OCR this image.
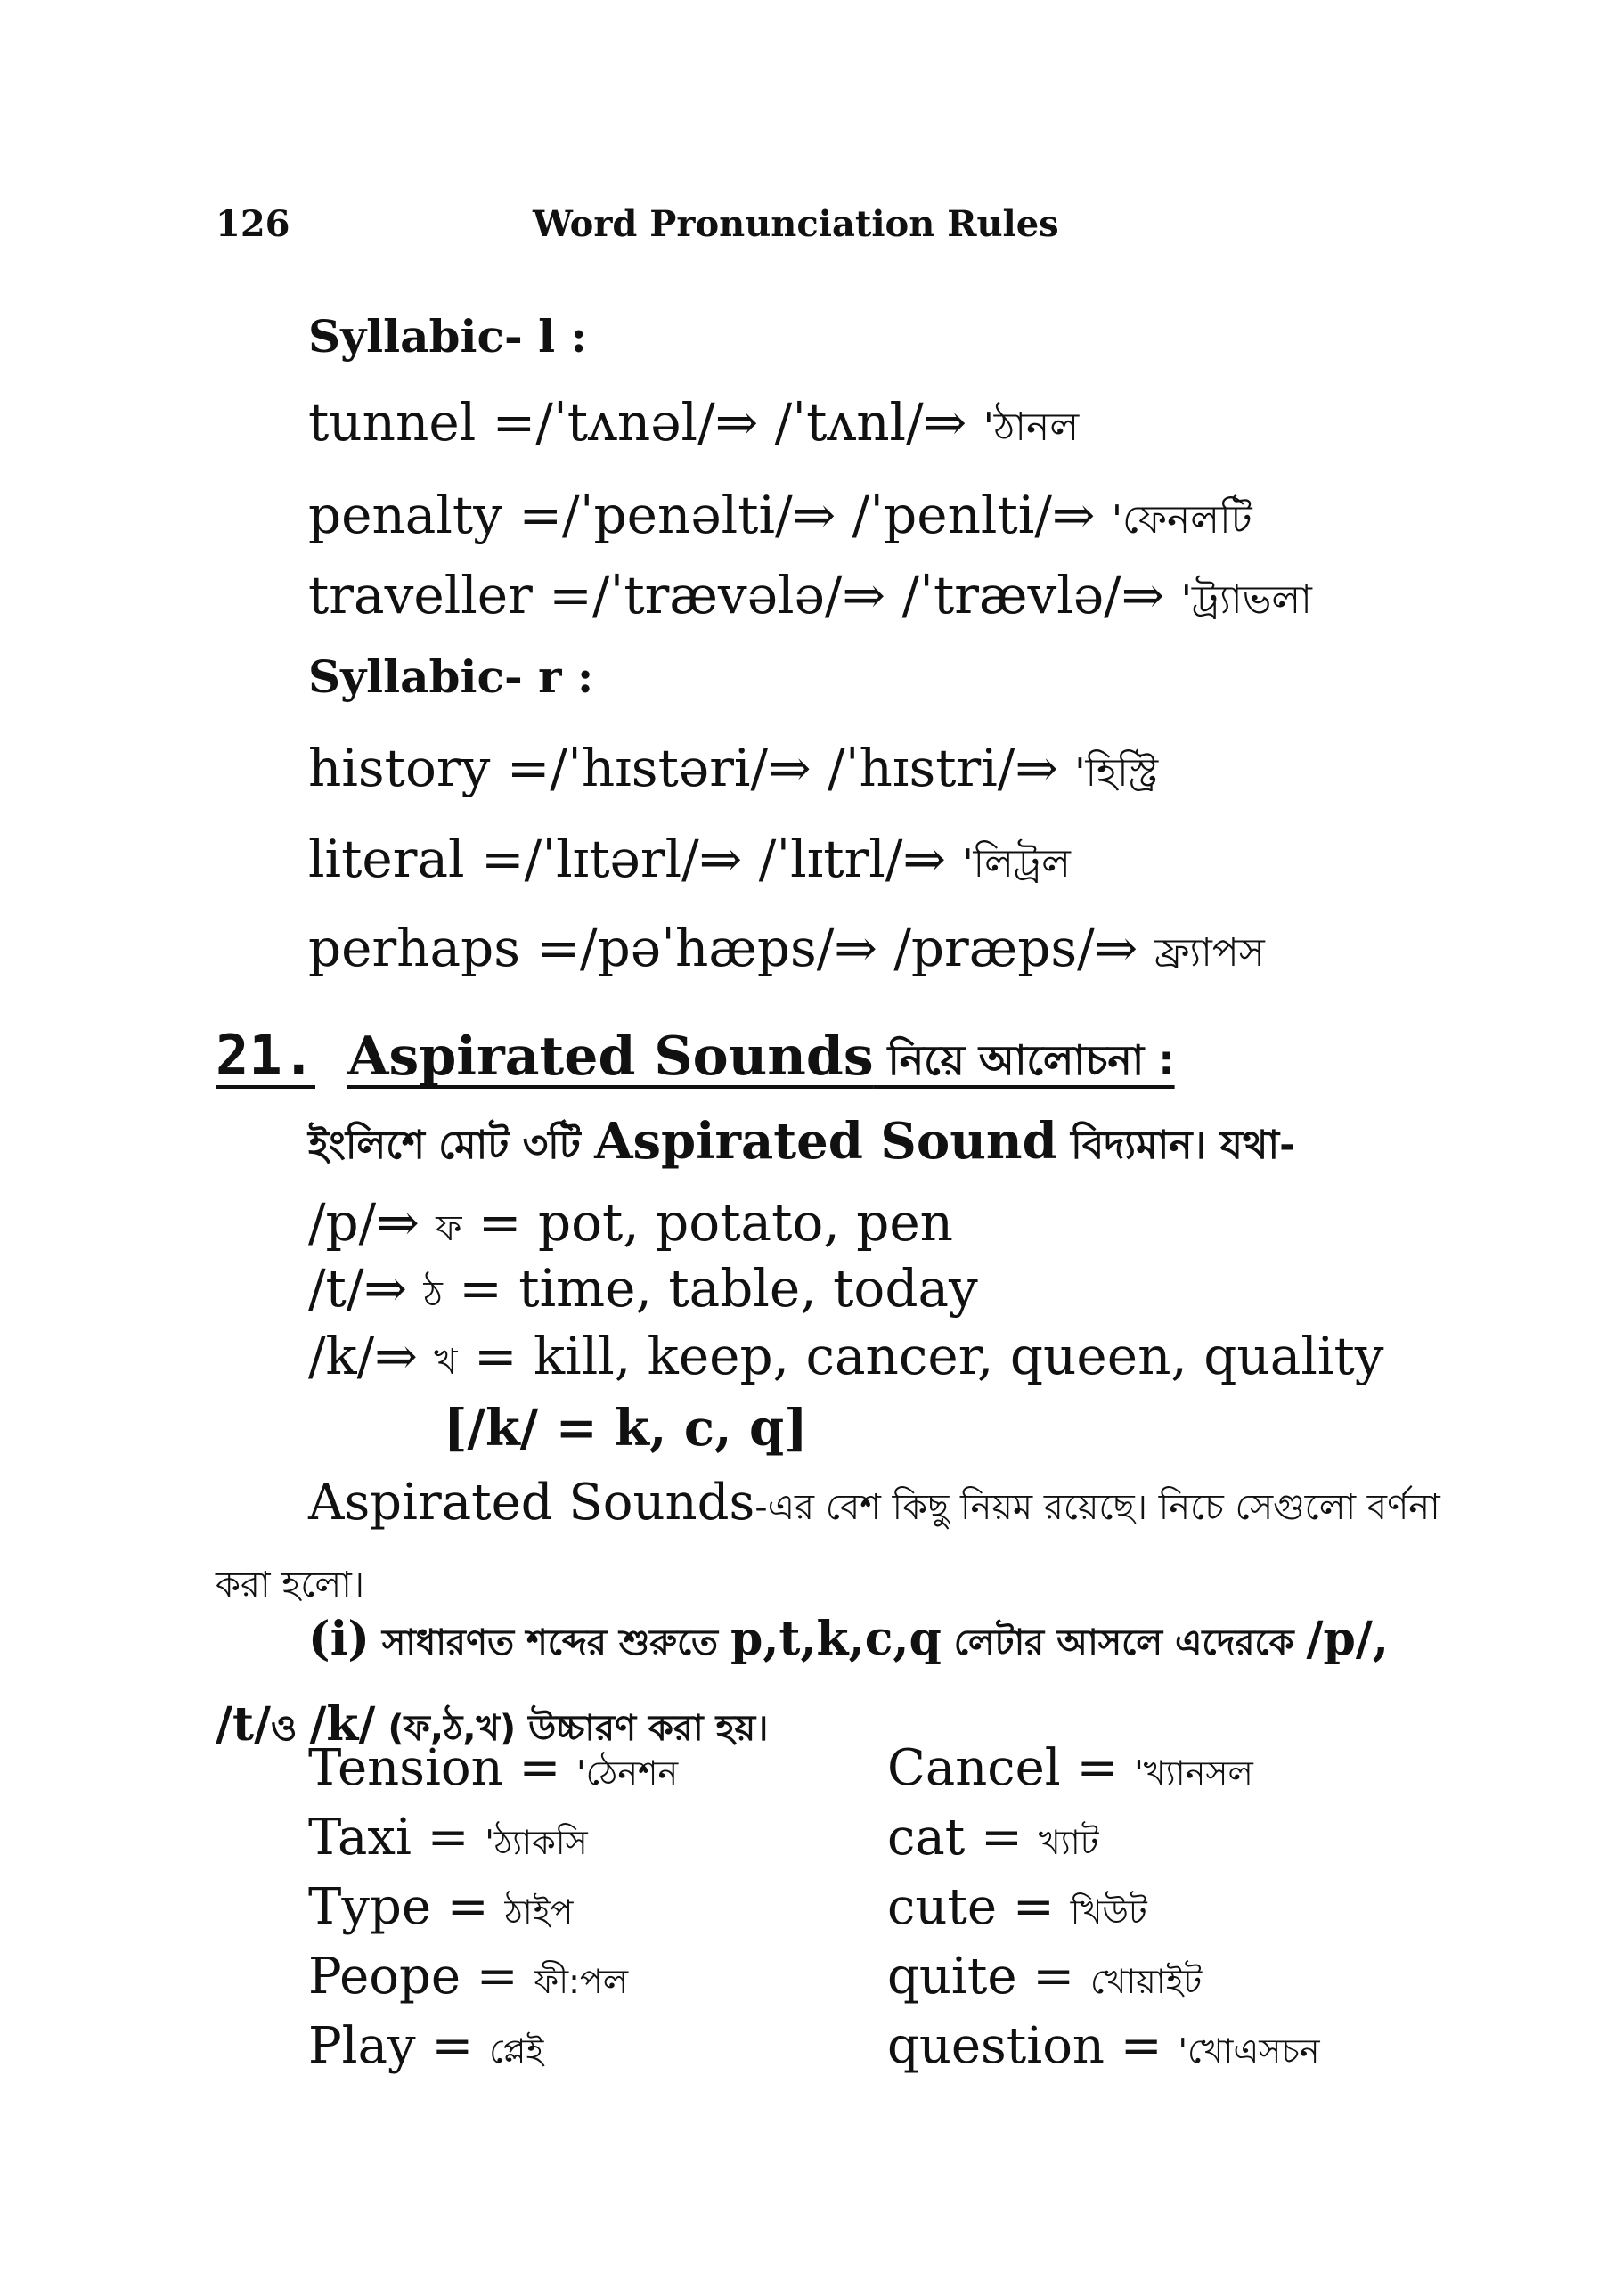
126	Word Pronunciation Rules
Syllabic- l :
tunnel =/ˈtʌnəl/⇒ /ˈtʌnl/⇒ 'ঠানল
penalty =/ˈpenəlti/⇒ /ˈpenlti/⇒ 'ফেনলটি
traveller =/ˈtrævələ/⇒ /ˈtrævlə/⇒ 'ট্র্যাভলা
Syllabic- r :
history =/ˈhɪstəri/⇒ /ˈhɪstri/⇒ 'হিস্ট্রি
literal =/ˈlɪtərl/⇒ /ˈlɪtrl/⇒ 'লিট্রল
perhaps =/pəˈhæps/⇒ /præps/⇒ ফ্র্যাপস
21. Aspirated Sounds নিয়ে আলোচনা :
ইংলিশে মোট ৩টি Aspirated Sound বিদ্যমান। যথা-
/p/⇒ ফ = pot, potato, pen
/t/⇒ ঠ = time, table, today
/k/⇒ খ = kill, keep, cancer, queen, quality
[/k/ = k, c, q]
Aspirated Sounds-এর বেশ কিছু নিয়ম রয়েছে। নিচে সেগুলো বর্ণনা করা হলো।
(i) সাধারণত শব্দের শুরুতে p,t,k,c,q লেটার আসলে এদেরকে /p/, /t/ও /k/ (ফ,ঠ,খ) উচ্চারণ করা হয়।
Tension = 'ঠেনশন	Cancel = 'খ্যানসল
Taxi = 'ঠ্যাকসি	cat = খ্যাট
Type = ঠাইপ	cute = খিউট
Peope = ফী:পল	quite = খোয়াইট
Play = প্লেই	question = 'খোএসচন
